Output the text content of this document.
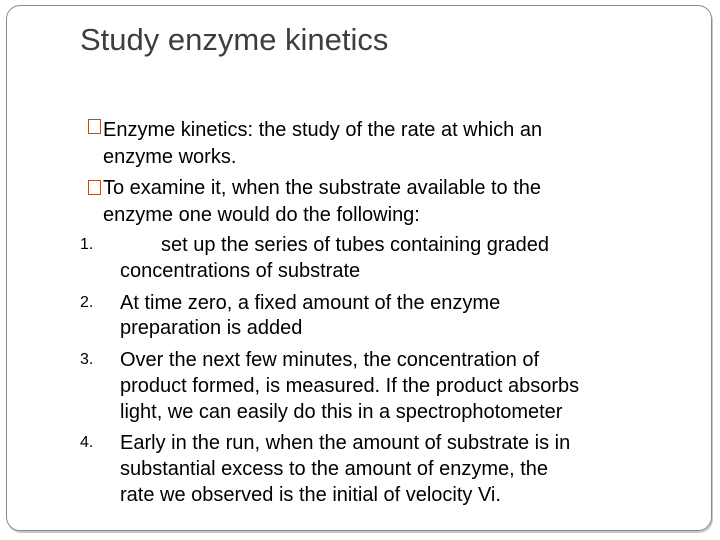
Study enzyme kinetics
Enzyme kinetics: the study of the rate at which an
enzyme works.
To examine it, when the substrate available to the
enzyme one would do the following:
1.	set up the series of tubes containing graded
concentrations of substrate
2. At time zero, a fixed amount of the enzyme
preparation is added
3. Over the next few minutes, the concentration of
product formed, is measured. If the product absorbs
light, we can easily do this in a spectrophotometer
4. Early in the run, when the amount of substrate is in
substantial excess to the amount of enzyme, the
rate we observed is the initial of velocity Vi.
